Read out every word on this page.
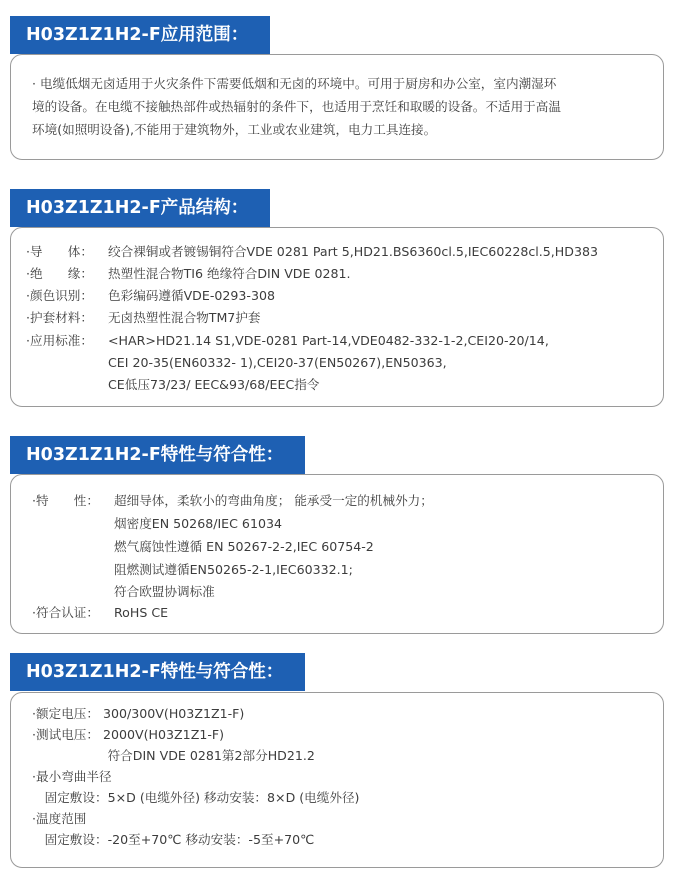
H03Z1Z1H2-F应用范围：
· 电缆低烟无卤适用于火灾条件下需要低烟和无卤的环境中。可用于厨房和办公室，室内潮湿环
境的设备。在电缆不接触热部件或热辐射的条件下，也适用于烹饪和取暖的设备。不适用于高温
环境(如照明设备),不能用于建筑物外，工业或农业建筑，电力工具连接。
H03Z1Z1H2-F产品结构：
·导　　体： 绞合裸铜或者镀锡铜符合VDE 0281 Part 5,HD21.BS6360cl.5,IEC60228cl.5,HD383
·绝　　缘： 热塑性混合物TI6 绝缘符合DIN VDE 0281.
·颜色识别： 色彩编码遵循VDE-0293-308
·护套材料： 无卤热塑性混合物TM7护套
·应用标准： <HAR>HD21.14 S1,VDE-0281 Part-14,VDE0482-332-1-2,CEI20-20/14,
CEI 20-35(EN60332- 1),CEI20-37(EN50267),EN50363,
CE低压73/23/ EEC&93/68/EEC指令
H03Z1Z1H2-F特性与符合性：
·特　　性： 超细导体，柔软小的弯曲角度； 能承受一定的机械外力；
烟密度EN 50268/IEC 61034
燃气腐蚀性遵循 EN 50267-2-2,IEC 60754-2
阻燃测试遵循EN50265-2-1,IEC60332.1;
符合欧盟协调标准
·符合认证： RoHS CE
H03Z1Z1H2-F特性与符合性：
·额定电压： 300/300V(H03Z1Z1-F)
·测试电压： 2000V(H03Z1Z1-F)
　　　　　　符合DIN VDE 0281第2部分HD21.2
·最小弯曲半径
　固定敷设：5×D (电缆外径) 移动安装：8×D (电缆外径)
·温度范围
　固定敷设：-20至+70℃ 移动安装：-5至+70℃
